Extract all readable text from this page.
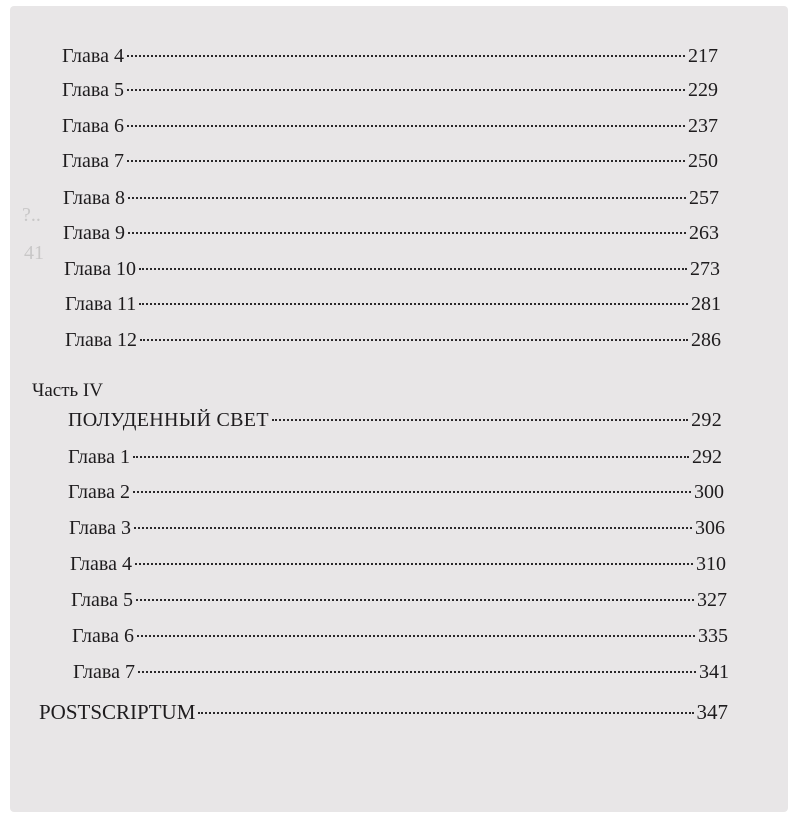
?..
41
Глава 4	217
Глава 5	229
Глава 6	237
Глава 7	250
Глава 8	257
Глава 9	263
Глава 10	273
Глава 11	281
Глава 12	286
Часть IV
ПОЛУДЕННЫЙ СВЕТ	292
Глава 1	292
Глава 2	300
Глава 3	306
Глава 4	310
Глава 5	327
Глава 6	335
Глава 7	341
POSTSCRIPTUM	347
